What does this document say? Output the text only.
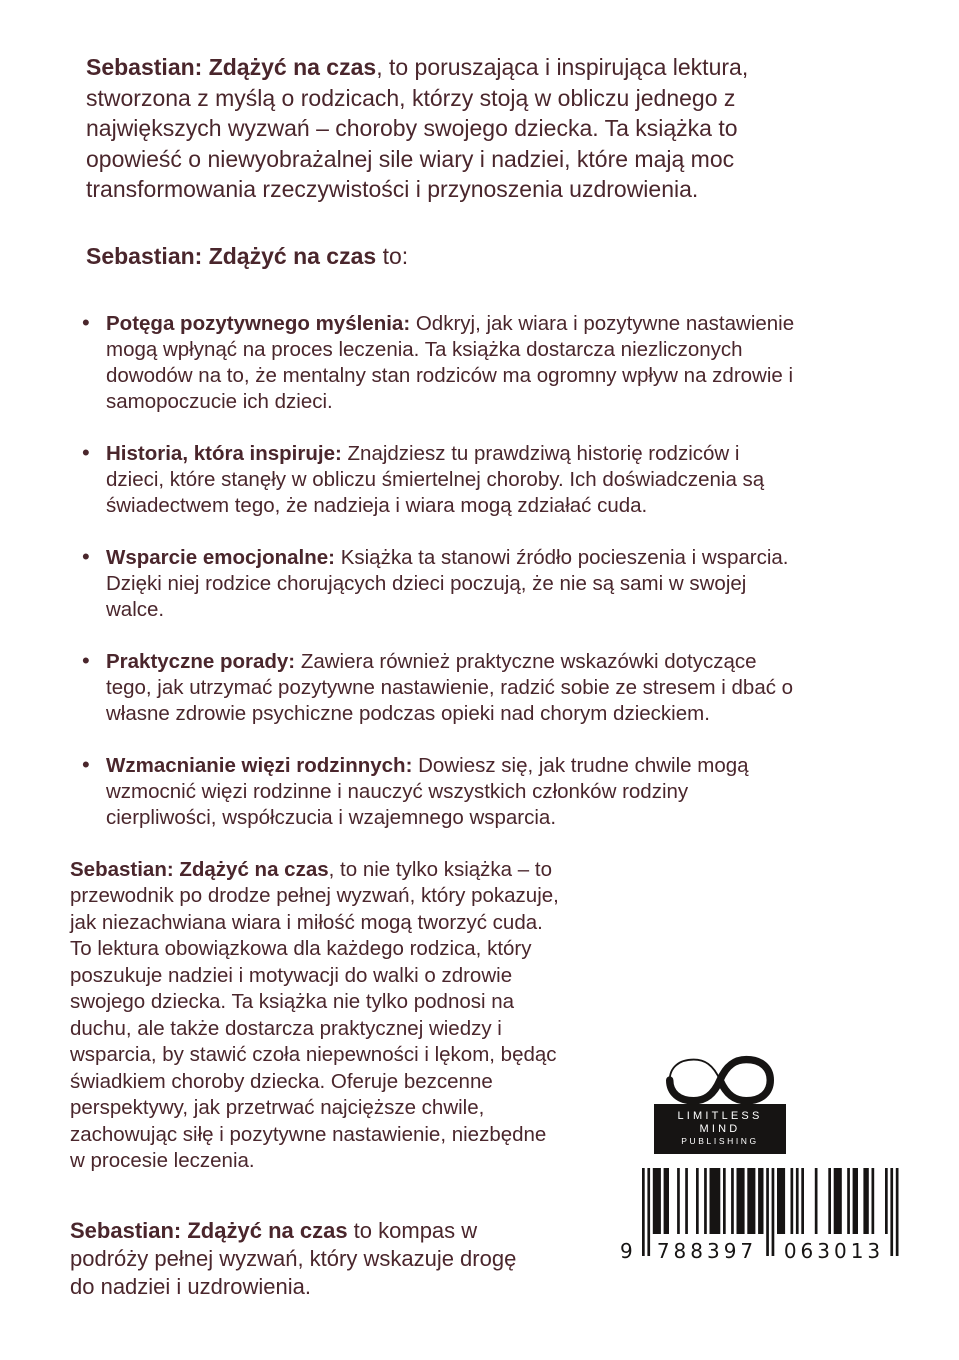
Sebastian: Zdążyć na czas, to poruszająca i inspirująca lektura, stworzona z myślą o rodzicach, którzy stoją w obliczu jednego z największych wyzwań – choroby swojego dziecka. Ta książka to opowieść o niewyobrażalnej sile wiary i nadziei, które mają moc transformowania rzeczywistości i przynoszenia uzdrowienia.

Sebastian: Zdążyć na czas to:

• Potęga pozytywnego myślenia: Odkryj, jak wiara i pozytywne nastawienie mogą wpłynąć na proces leczenia. Ta książka dostarcza niezliczonych dowodów na to, że mentalny stan rodziców ma ogromny wpływ na zdrowie i samopoczucie ich dzieci.
• Historia, która inspiruje: Znajdziesz tu prawdziwą historię rodziców i dzieci, które stanęły w obliczu śmiertelnej choroby. Ich doświadczenia są świadectwem tego, że nadzieja i wiara mogą zdziałać cuda.
• Wsparcie emocjonalne: Książka ta stanowi źródło pocieszenia i wsparcia. Dzięki niej rodzice chorujących dzieci poczują, że nie są sami w swojej walce.
• Praktyczne porady: Zawiera również praktyczne wskazówki dotyczące tego, jak utrzymać pozytywne nastawienie, radzić sobie ze stresem i dbać o własne zdrowie psychiczne podczas opieki nad chorym dzieckiem.
• Wzmacnianie więzi rodzinnych: Dowiesz się, jak trudne chwile mogą wzmocnić więzi rodzinne i nauczyć wszystkich członków rodziny cierpliwości, współczucia i wzajemnego wsparcia.
LIMITLESS MIND
PUBLISHING
9	788397	063013

Sebastian: Zdążyć na czas, to nie tylko książka – to przewodnik po drodze pełnej wyzwań, który pokazuje, jak niezachwiana wiara i miłość mogą tworzyć cuda. To lektura obowiązkowa dla każdego rodzica, który poszukuje nadziei i motywacji do walki o zdrowie swojego dziecka. Ta książka nie tylko podnosi na duchu, ale także dostarcza praktycznej wiedzy i wsparcia, by stawić czoła niepewności i lękom, będąc świadkiem choroby dziecka. Oferuje bezcenne perspektywy, jak przetrwać najcięższe chwile, zachowując siłę i pozytywne nastawienie, niezbędne w procesie leczenia.

Sebastian: Zdążyć na czas to kompas w podróży pełnej wyzwań, który wskazuje drogę do nadziei i uzdrowienia.
